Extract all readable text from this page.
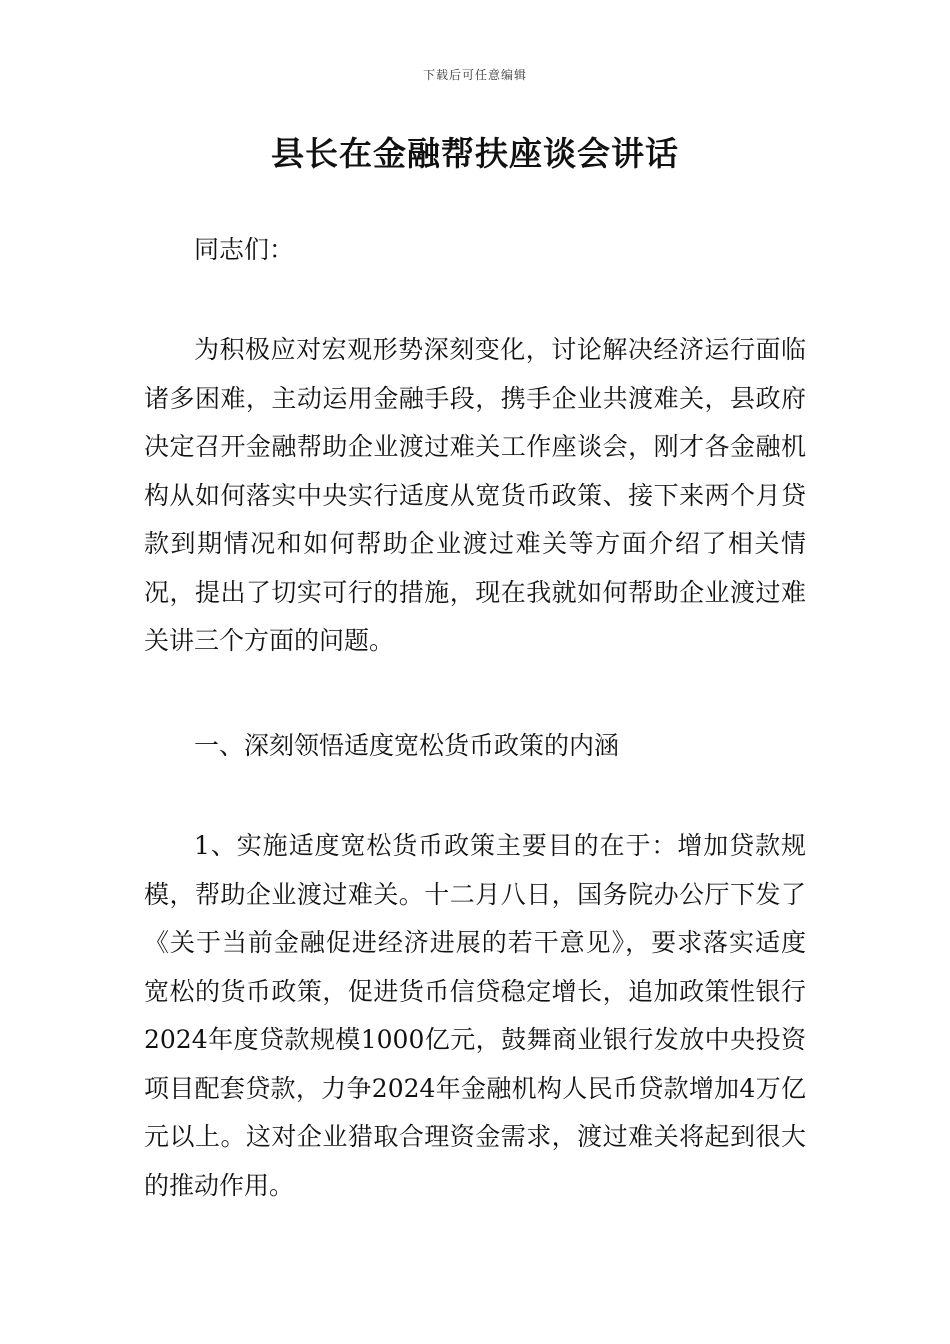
下载后可任意编辑
县长在金融帮扶座谈会讲话

同志们：

为积极应对宏观形势深刻变化，讨论解决经济运行面临诸多困难，主动运用金融手段，携手企业共渡难关，县政府决定召开金融帮助企业渡过难关工作座谈会，刚才各金融机构从如何落实中央实行适度从宽货币政策、接下来两个月贷款到期情况和如何帮助企业渡过难关等方面介绍了相关情况，提出了切实可行的措施，现在我就如何帮助企业渡过难关讲三个方面的问题。

一、深刻领悟适度宽松货币政策的内涵

1、实施适度宽松货币政策主要目的在于：增加贷款规模，帮助企业渡过难关。十二月八日，国务院办公厅下发了《关于当前金融促进经济进展的若干意见》，要求落实适度宽松的货币政策，促进货币信贷稳定增长，追加政策性银行2024年度贷款规模1000亿元，鼓舞商业银行发放中央投资项目配套贷款，力争2024年金融机构人民币贷款增加4万亿元以上。这对企业猎取合理资金需求，渡过难关将起到很大的推动作用。
